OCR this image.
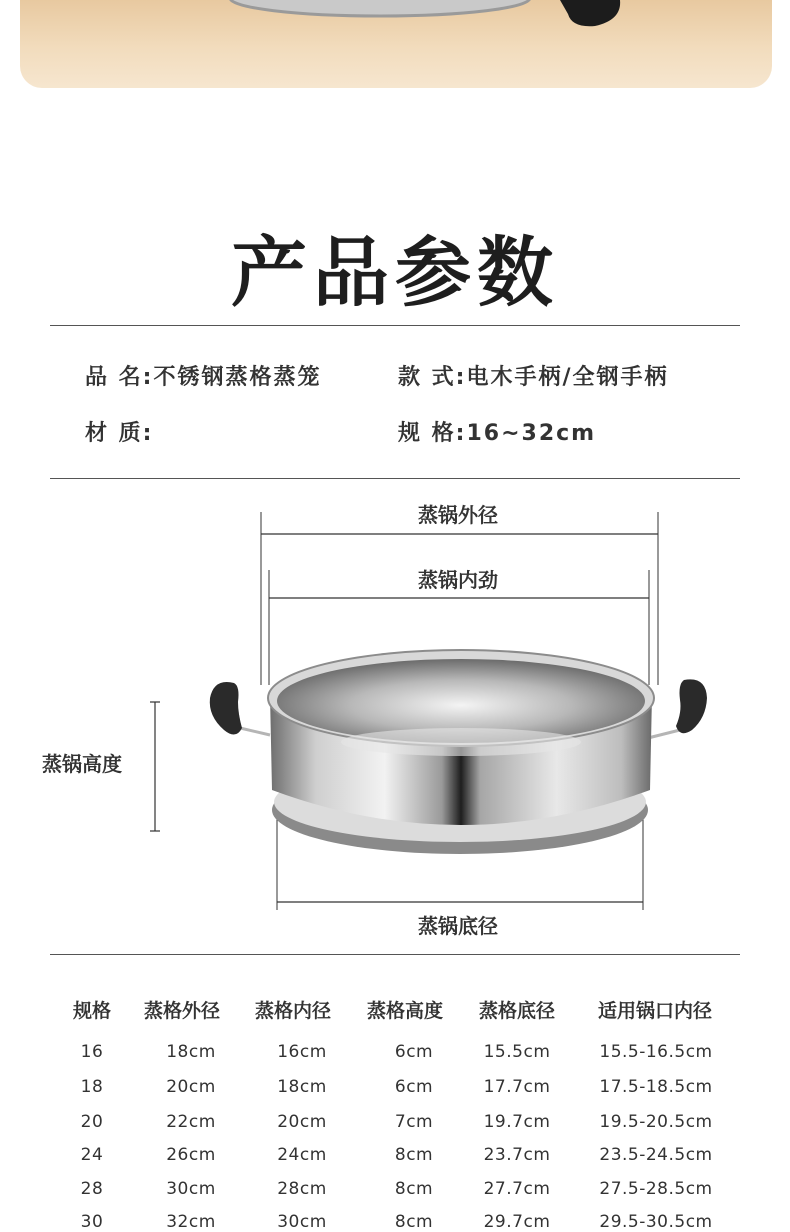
产品参数
品 名:不锈钢蒸格蒸笼	款 式:电木手柄/全钢手柄
材 质:	规 格:16~32cm
蒸锅外径
蒸锅内劲
蒸锅高度
蒸锅底径
规格 蒸格外径 蒸格内径 蒸格高度 蒸格底径 适用锅口内径
16	18cm	16cm	6cm	15.5cm	15.5-16.5cm
18	20cm	18cm	6cm	17.7cm	17.5-18.5cm
20	22cm	20cm	7cm	19.7cm	19.5-20.5cm
24	26cm	24cm	8cm	23.7cm	23.5-24.5cm
28	30cm	28cm	8cm	27.7cm	27.5-28.5cm
30	32cm	30cm	8cm	29.7cm	29.5-30.5cm
